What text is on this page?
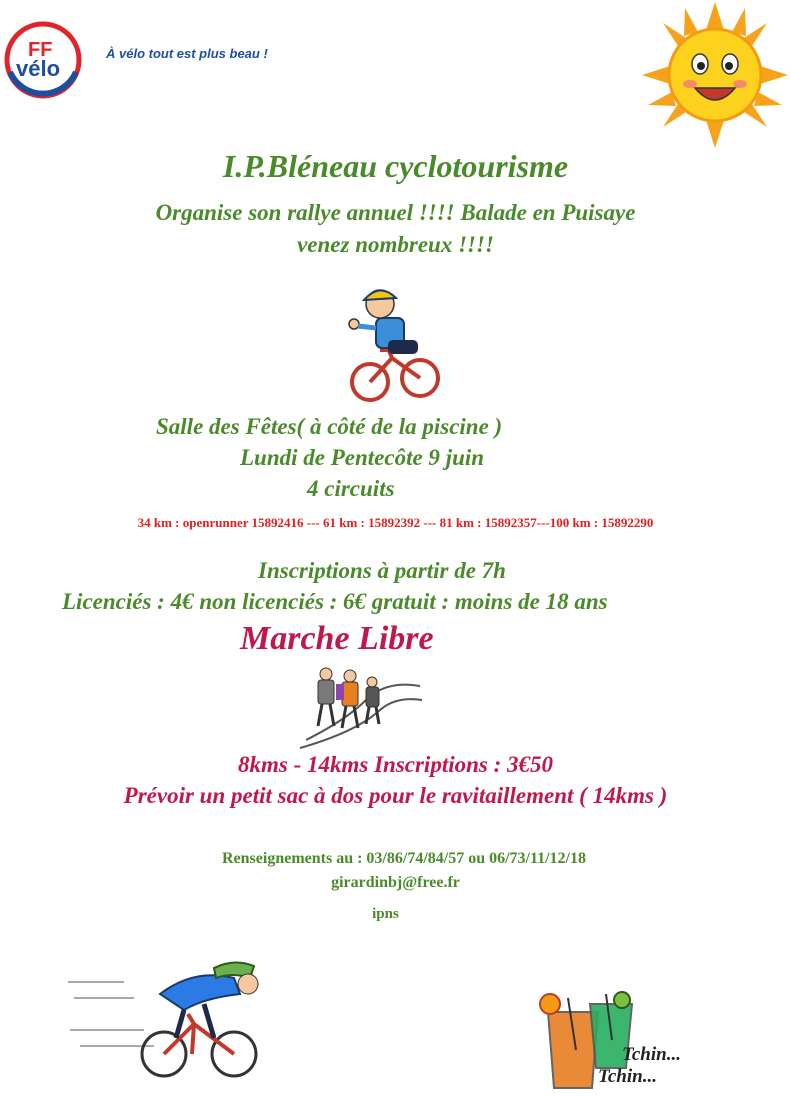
FF
vélo
À vélo tout est plus beau !
I.P.Bléneau cyclotourisme
Organise son rallye annuel !!!! Balade en Puisaye
venez nombreux !!!!
Salle des Fêtes( à côté de la piscine )
Lundi de Pentecôte 9 juin
4 circuits
34 km : openrunner 15892416 --- 61 km : 15892392 --- 81 km : 15892357---100 km : 15892290
Inscriptions à partir de 7h
Licenciés : 4€ non licenciés : 6€ gratuit : moins de 18 ans
Marche Libre
8kms - 14kms Inscriptions : 3€50
Prévoir un petit sac à dos pour le ravitaillement ( 14kms )
Renseignements au : 03/86/74/84/57 ou 06/73/11/12/18
girardinbj@free.fr
ipns
Tchin...
Tchin...
